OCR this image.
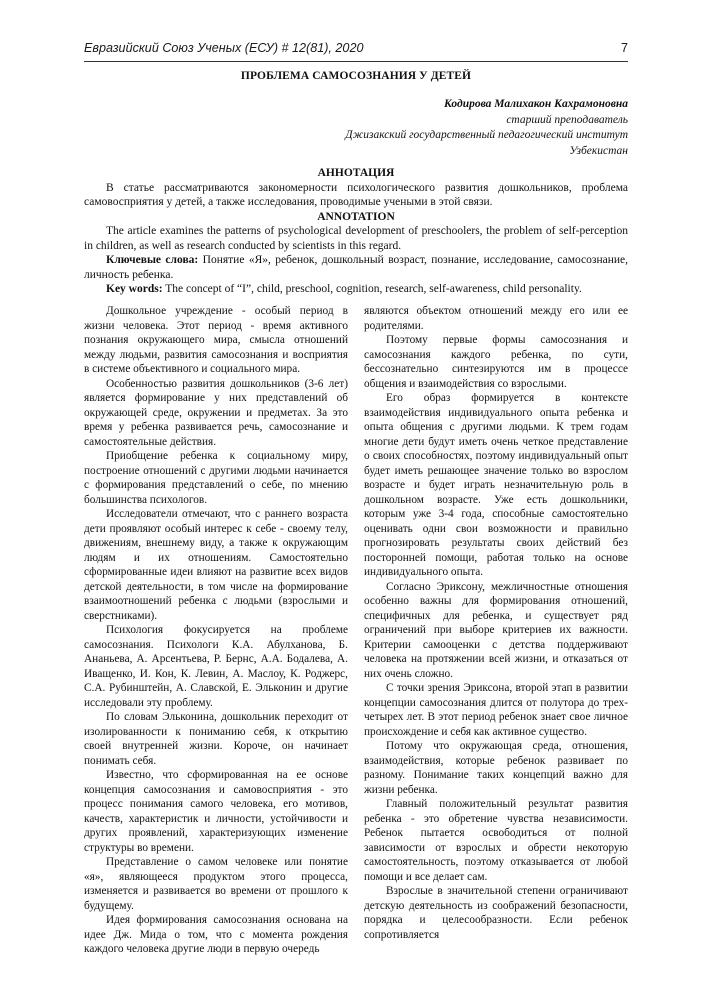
Евразийский Союз Ученых (ЕСУ) # 12(81), 2020	7
ПРОБЛЕМА САМОСОЗНАНИЯ У ДЕТЕЙ
Кодирова Малихакон Кахрамоновна
старший преподаватель
Джизакский государственный педагогический институт
Узбекистан
АННОТАЦИЯ

В статье рассматриваются закономерности психологического развития дошкольников, проблема самовосприятия у детей, а также исследования, проводимые учеными в этой связи.

ANNOTATION

The article examines the patterns of psychological development of preschoolers, the problem of self-perception in children, as well as research conducted by scientists in this regard.

Ключевые слова: Понятие «Я», ребенок, дошкольный возраст, познание, исследование, самосознание, личность ребенка.

Key words: The concept of “I”, child, preschool, cognition, research, self-awareness, child personality.

Дошкольное учреждение - особый период в жизни человека. Этот период - время активного познания окружающего мира, смысла отношений между людьми, развития самосознания и восприятия в системе объективного и социального мира.

Особенностью развития дошкольников (3-6 лет) является формирование у них представлений об окружающей среде, окружении и предметах. За это время у ребенка развивается речь, самосознание и самостоятельные действия.

Приобщение ребенка к социальному миру, построение отношений с другими людьми начинается с формирования представлений о себе, по мнению большинства психологов.

Исследователи отмечают, что с раннего возраста дети проявляют особый интерес к себе - своему телу, движениям, внешнему виду, а также к окружающим людям и их отношениям. Самостоятельно сформированные идеи влияют на развитие всех видов детской деятельности, в том числе на формирование взаимоотношений ребенка с людьми (взрослыми и сверстниками).

Психология фокусируется на проблеме самосознания. Психологи К.А. Абулханова, Б. Ананьева, А. Арсентьева, Р. Бернс, А.А. Бодалева, А. Иващенко, И. Кон, К. Левин, А. Маслоу, К. Роджерс, С.А. Рубинштейн, А. Славской, Е. Эльконин и другие исследовали эту проблему.

По словам Эльконина, дошкольник переходит от изолированности к пониманию себя, к открытию своей внутренней жизни. Короче, он начинает понимать себя.

Известно, что сформированная на ее основе концепция самосознания и самовосприятия - это процесс понимания самого человека, его мотивов, качеств, характеристик и личности, устойчивости и других проявлений, характеризующих изменение структуры во времени.

Представление о самом человеке или понятие «я», являющееся продуктом этого процесса, изменяется и развивается во времени от прошлого к будущему.

Идея формирования самосознания основана на идее Дж. Мида о том, что с момента рождения каждого человека другие люди в первую очередь

являются объектом отношений между его или ее родителями.

Поэтому первые формы самосознания и самосознания каждого ребенка, по сути, бессознательно синтезируются им в процессе общения и взаимодействия со взрослыми.

Его образ формируется в контексте взаимодействия индивидуального опыта ребенка и опыта общения с другими людьми. К трем годам многие дети будут иметь очень четкое представление о своих способностях, поэтому индивидуальный опыт будет иметь решающее значение только во взрослом возрасте и будет играть незначительную роль в дошкольном возрасте. Уже есть дошкольники, которым уже 3-4 года, способные самостоятельно оценивать одни свои возможности и правильно прогнозировать результаты своих действий без посторонней помощи, работая только на основе индивидуального опыта.

Согласно Эриксону, межличностные отношения особенно важны для формирования отношений, специфичных для ребенка, и существует ряд ограничений при выборе критериев их важности. Критерии самооценки с детства поддерживают человека на протяжении всей жизни, и отказаться от них очень сложно.

С точки зрения Эриксона, второй этап в развитии концепции самосознания длится от полутора до трех-четырех лет. В этот период ребенок знает свое личное происхождение и себя как активное существо.

Потому что окружающая среда, отношения, взаимодействия, которые ребенок развивает по разному. Понимание таких концепций важно для жизни ребенка.

Главный положительный результат развития ребенка - это обретение чувства независимости. Ребенок пытается освободиться от полной зависимости от взрослых и обрести некоторую самостоятельность, поэтому отказывается от любой помощи и все делает сам.

Взрослые в значительной степени ограничивают детскую деятельность из соображений безопасности, порядка и целесообразности. Если ребенок сопротивляется
